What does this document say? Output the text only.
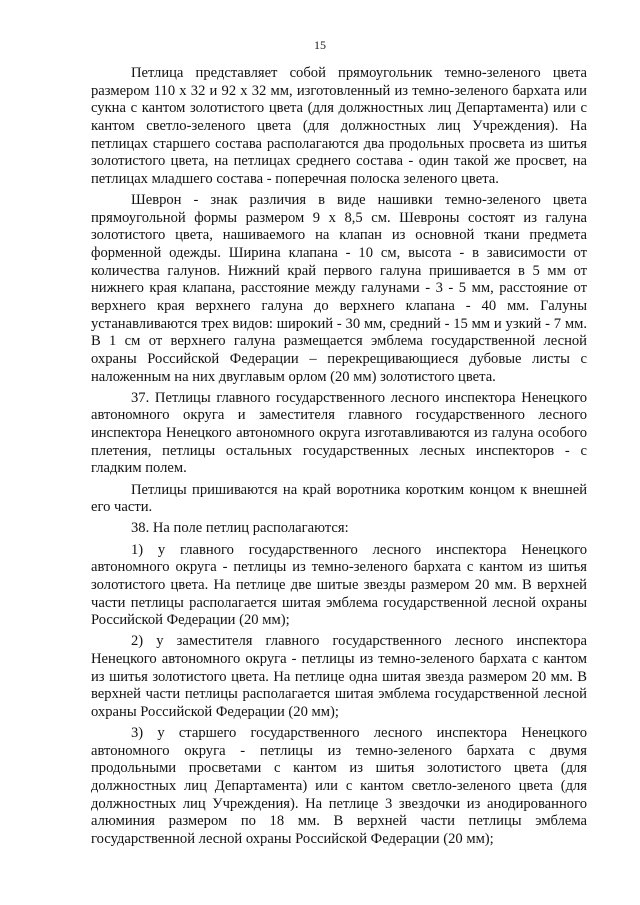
15

Петлица представляет собой прямоугольник темно-зеленого цвета размером 110 х 32 и 92 х 32 мм, изготовленный из темно-зеленого бархата или сукна с кантом золотистого цвета (для должностных лиц Департамента) или с кантом светло-зеленого цвета (для должностных лиц Учреждения). На петлицах старшего состава располагаются два продольных просвета из шитья золотистого цвета, на петлицах среднего состава - один такой же просвет, на петлицах младшего состава - поперечная полоска зеленого цвета.

Шеврон - знак различия в виде нашивки темно-зеленого цвета прямоугольной формы размером 9 х 8,5 см. Шевроны состоят из галуна золотистого цвета, нашиваемого на клапан из основной ткани предмета форменной одежды. Ширина клапана - 10 см, высота - в зависимости от количества галунов. Нижний край первого галуна пришивается в 5 мм от нижнего края клапана, расстояние между галунами - 3 - 5 мм, расстояние от верхнего края верхнего галуна до верхнего клапана - 40 мм. Галуны устанавливаются трех видов: широкий - 30 мм, средний - 15 мм и узкий - 7 мм. В 1 см от верхнего галуна размещается эмблема государственной лесной охраны Российской Федерации – перекрещивающиеся дубовые листы с наложенным на них двуглавым орлом (20 мм) золотистого цвета.

37. Петлицы главного государственного лесного инспектора Ненецкого автономного округа и заместителя главного государственного лесного инспектора Ненецкого автономного округа изготавливаются из галуна особого плетения, петлицы остальных государственных лесных инспекторов - с гладким полем.

Петлицы пришиваются на край воротника коротким концом к внешней его части.

38. На поле петлиц располагаются:

1) у главного государственного лесного инспектора Ненецкого автономного округа - петлицы из темно-зеленого бархата с кантом из шитья золотистого цвета. На петлице две шитые звезды размером 20 мм. В верхней части петлицы располагается шитая эмблема государственной лесной охраны Российской Федерации (20 мм);

2) у заместителя главного государственного лесного инспектора Ненецкого автономного округа - петлицы из темно-зеленого бархата с кантом из шитья золотистого цвета. На петлице одна шитая звезда размером 20 мм. В верхней части петлицы располагается шитая эмблема государственной лесной охраны Российской Федерации (20 мм);

3) у старшего государственного лесного инспектора Ненецкого автономного округа - петлицы из темно-зеленого бархата с двумя продольными просветами с кантом из шитья золотистого цвета (для должностных лиц Департамента) или с кантом светло-зеленого цвета (для должностных лиц Учреждения). На петлице 3 звездочки из анодированного алюминия размером по 18 мм. В верхней части петлицы эмблема государственной лесной охраны Российской Федерации (20 мм);
